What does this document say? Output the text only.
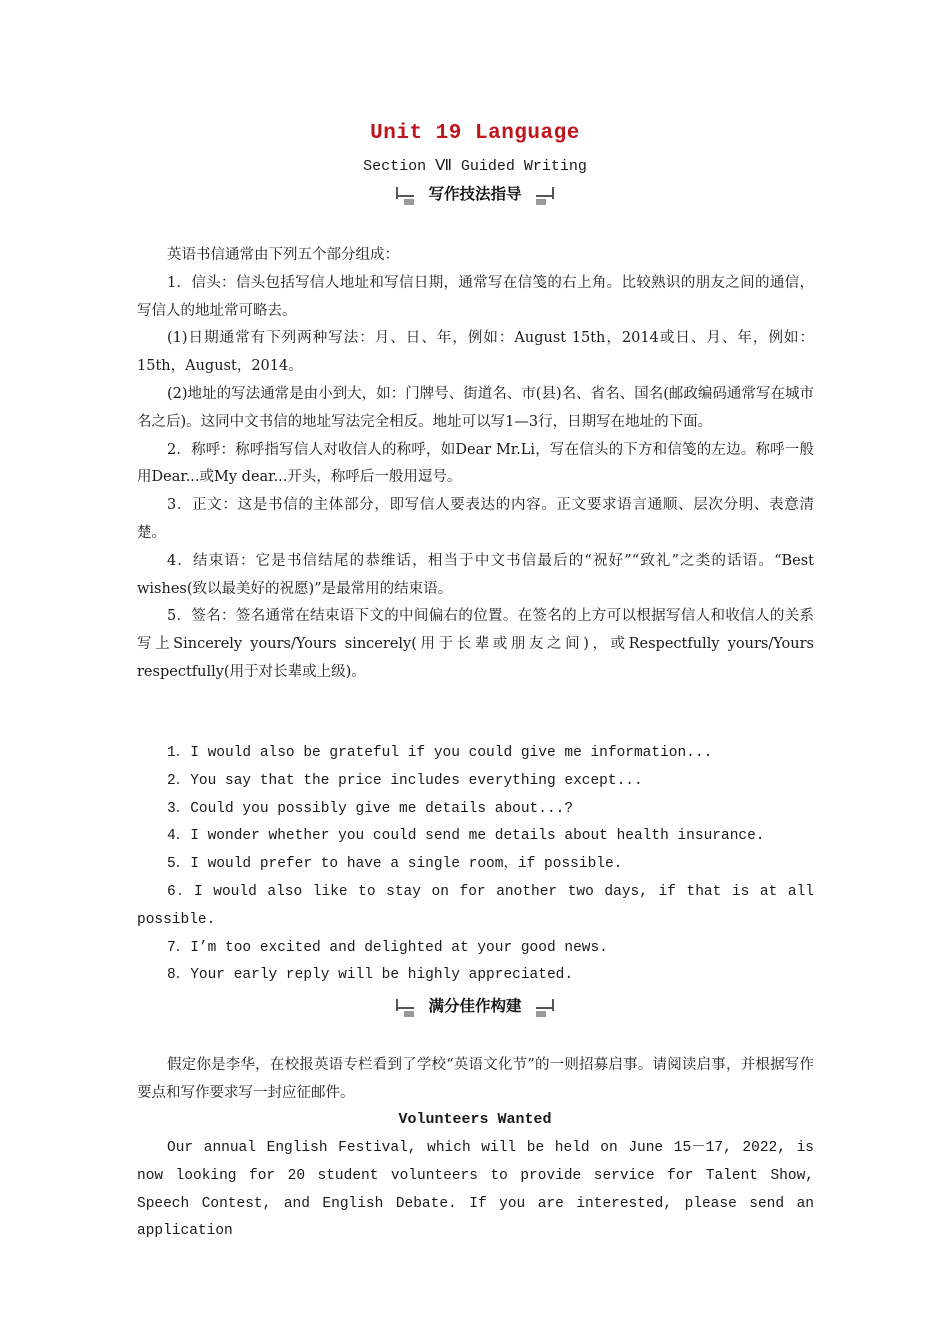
Unit 19 Language
Section Ⅶ Guided Writing
写作技法指导

英语书信通常由下列五个部分组成：

1．信头：信头包括写信人地址和写信日期，通常写在信笺的右上角。比较熟识的朋友之间的通信，写信人的地址常可略去。

(1)日期通常有下列两种写法：月、日、年，例如：August 15th，2014或日、月、年，例如：15th，August，2014。

(2)地址的写法通常是由小到大，如：门牌号、街道名、市(县)名、省名、国名(邮政编码通常写在城市名之后)。这同中文书信的地址写法完全相反。地址可以写1—3行，日期写在地址的下面。

2．称呼：称呼指写信人对收信人的称呼，如Dear Mr.Li，写在信头的下方和信笺的左边。称呼一般用Dear...或My dear...开头，称呼后一般用逗号。

3．正文：这是书信的主体部分，即写信人要表达的内容。正文要求语言通顺、层次分明、表意清楚。

4．结束语：它是书信结尾的恭维话，相当于中文书信最后的“祝好”“致礼”之类的话语。“Best wishes(致以最美好的祝愿)”是最常用的结束语。

5．签名：签名通常在结束语下文的中间偏右的位置。在签名的上方可以根据写信人和收信人的关系写上Sincerely yours/Yours sincerely(用于长辈或朋友之间)，或Respectfully yours/Yours respectfully(用于对长辈或上级)。

1．I would also be grateful if you could give me information...

2．You say that the price includes everything except...

3．Could you possibly give me details about...?

4．I wonder whether you could send me details about health insurance.

5．I would prefer to have a single room，if possible.

6．I would also like to stay on for another two days, if that is at all possible.

7．I’m too excited and delighted at your good news.

8．Your early reply will be highly appreciated.

满分佳作构建

假定你是李华，在校报英语专栏看到了学校“英语文化节”的一则招募启事。请阅读启事，并根据写作要点和写作要求写一封应征邮件。

Volunteers Wanted

Our annual English Festival, which will be held on June 15－17, 2022, is now looking for 20 student volunteers to provide service for Talent Show, Speech Contest, and English Debate. If you are interested, please send an application
